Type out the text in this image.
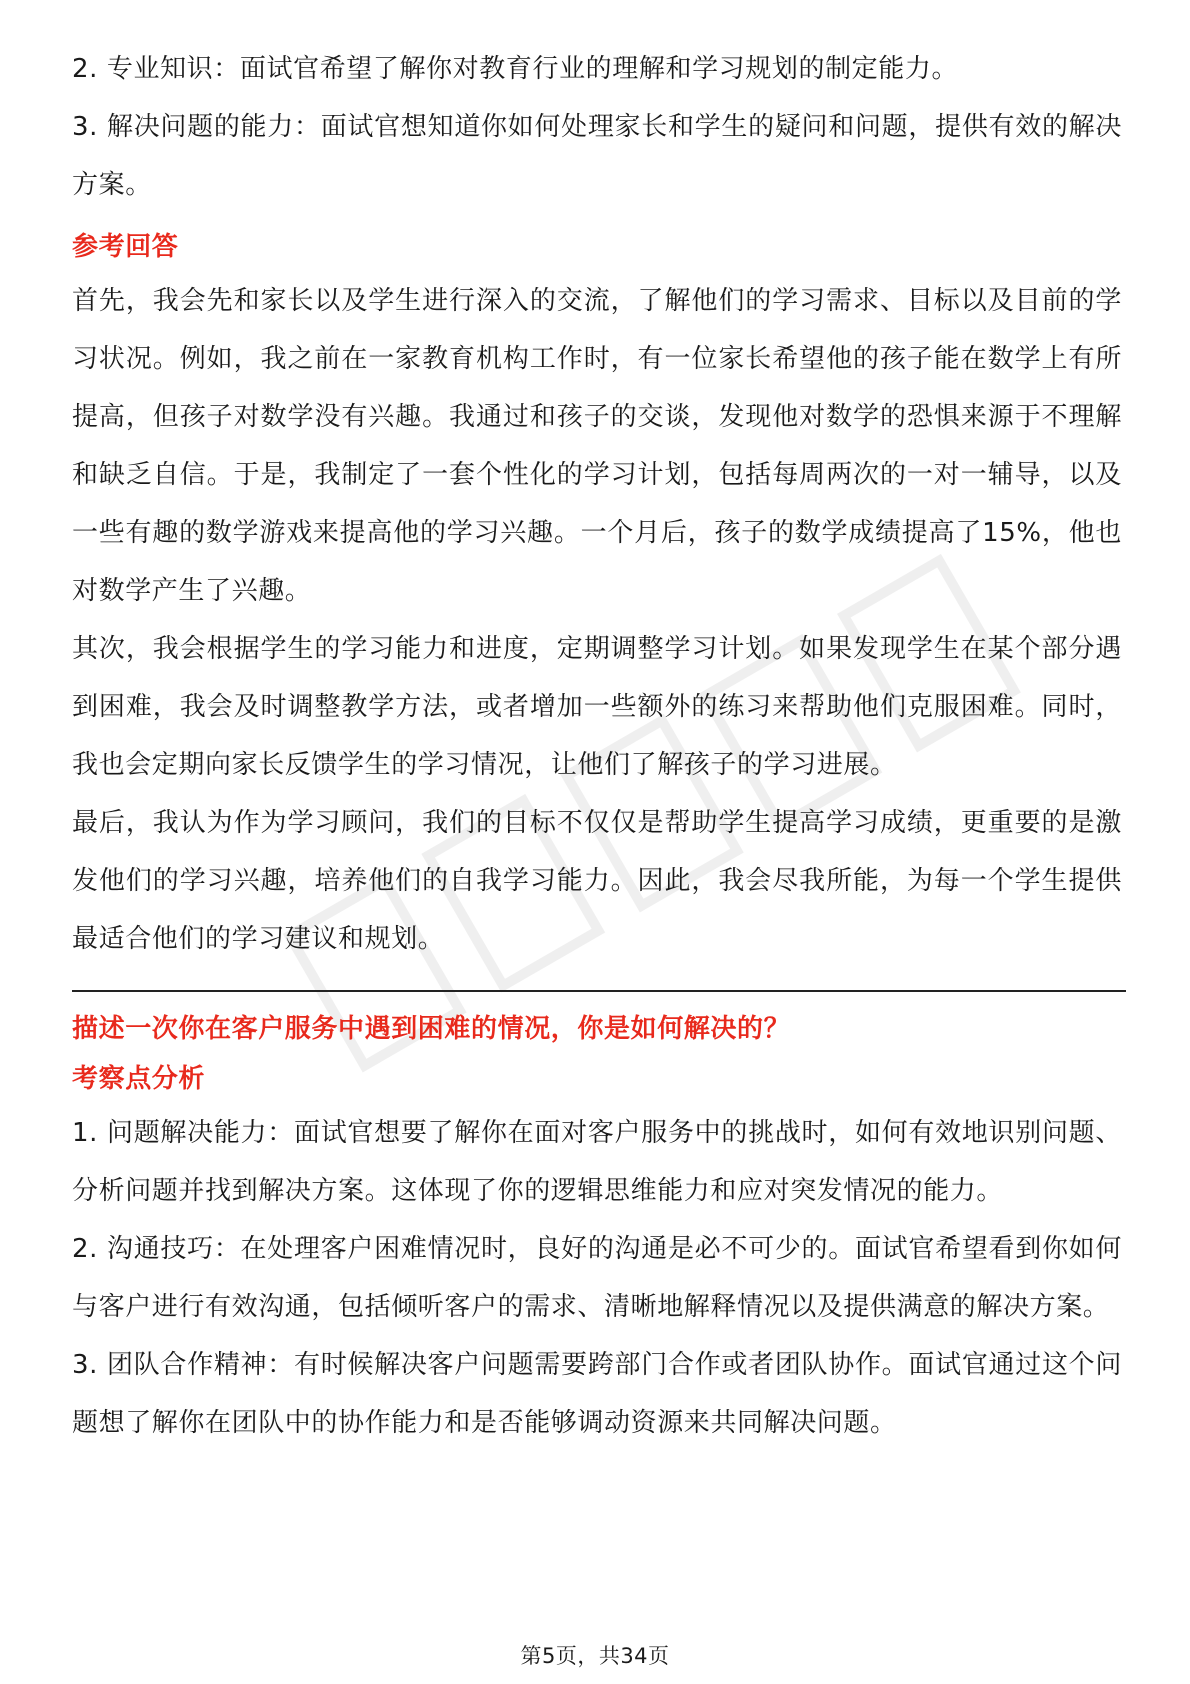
2. 专业知识：面试官希望了解你对教育行业的理解和学习规划的制定能力。

3. 解决问题的能力：面试官想知道你如何处理家长和学生的疑问和问题，提供有效的解决方案。

参考回答

首先，我会先和家长以及学生进行深入的交流，了解他们的学习需求、目标以及目前的学习状况。例如，我之前在一家教育机构工作时，有一位家长希望他的孩子能在数学上有所提高，但孩子对数学没有兴趣。我通过和孩子的交谈，发现他对数学的恐惧来源于不理解和缺乏自信。于是，我制定了一套个性化的学习计划，包括每周两次的一对一辅导，以及一些有趣的数学游戏来提高他的学习兴趣。一个月后，孩子的数学成绩提高了15%，他也对数学产生了兴趣。

其次，我会根据学生的学习能力和进度，定期调整学习计划。如果发现学生在某个部分遇到困难，我会及时调整教学方法，或者增加一些额外的练习来帮助他们克服困难。同时，我也会定期向家长反馈学生的学习情况，让他们了解孩子的学习进展。

最后，我认为作为学习顾问，我们的目标不仅仅是帮助学生提高学习成绩，更重要的是激发他们的学习兴趣，培养他们的自我学习能力。因此，我会尽我所能，为每一个学生提供最适合他们的学习建议和规划。

描述一次你在客户服务中遇到困难的情况，你是如何解决的？
考察点分析

1. 问题解决能力：面试官想要了解你在面对客户服务中的挑战时，如何有效地识别问题、分析问题并找到解决方案。这体现了你的逻辑思维能力和应对突发情况的能力。

2. 沟通技巧：在处理客户困难情况时，良好的沟通是必不可少的。面试官希望看到你如何与客户进行有效沟通，包括倾听客户的需求、清晰地解释情况以及提供满意的解决方案。

3. 团队合作精神：有时候解决客户问题需要跨部门合作或者团队协作。面试官通过这个问题想了解你在团队中的协作能力和是否能够调动资源来共同解决问题。

第5页，共34页
